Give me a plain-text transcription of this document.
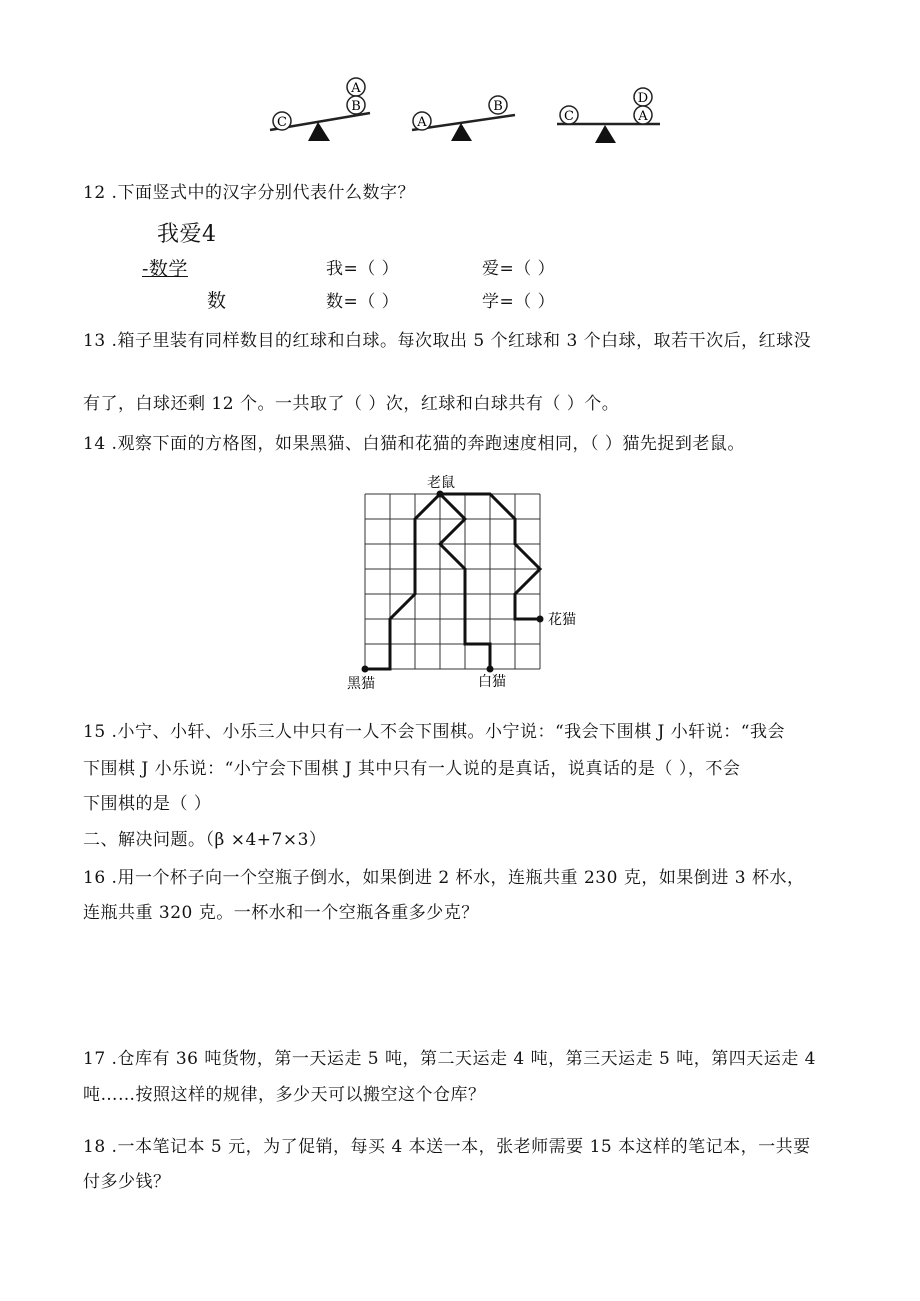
C
A
B
A
B
C
D
A
12 .下面竖式中的汉字分别代表什么数字？
我爱4
-数学
数
我=（ ）	爱=（ ）
数=（ ）	学=（ ）
13 .箱子里装有同样数目的红球和白球。每次取出 5 个红球和 3 个白球，取若干次后，红球没
有了，白球还剩 12 个。一共取了（ ）次，红球和白球共有（ ）个。
14 .观察下面的方格图，如果黑猫、白猫和花猫的奔跑速度相同，（ ）猫先捉到老鼠。
老鼠
黑猫	白猫
花猫
15 .小宁、小轩、小乐三人中只有一人不会下围棋。小宁说：“我会下围棋 J 小轩说：“我会
下围棋 J 小乐说：“小宁会下围棋 J 其中只有一人说的是真话，说真话的是（ ），不会
下围棋的是（ ）
二、解决问题。（β ×4+7×3）
16 .用一个杯子向一个空瓶子倒水，如果倒进 2 杯水，连瓶共重 230 克，如果倒进 3 杯水，
连瓶共重 320 克。一杯水和一个空瓶各重多少克？
17 .仓库有 36 吨货物，第一天运走 5 吨，第二天运走 4 吨，第三天运走 5 吨，第四天运走 4
吨……按照这样的规律，多少天可以搬空这个仓库？
18 .一本笔记本 5 元，为了促销，每买 4 本送一本，张老师需要 15 本这样的笔记本，一共要
付多少钱？
